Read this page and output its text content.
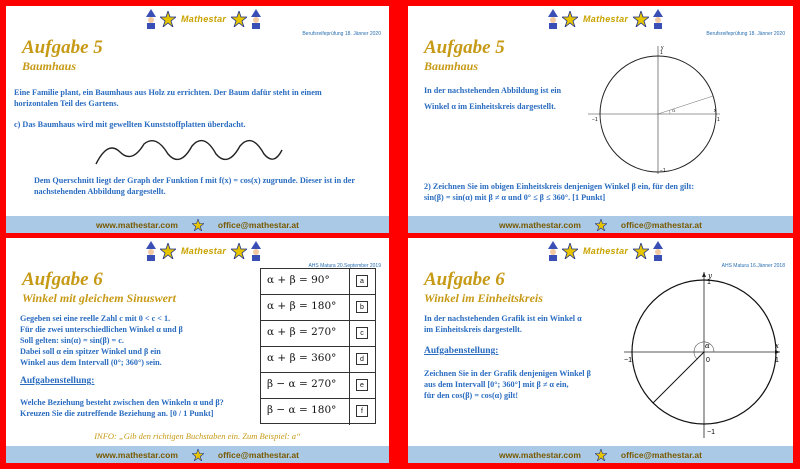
Mathestar
Berufsreifeprüfung 18. Jänner 2020
Aufgabe 5
Baumhaus
Eine Familie plant, ein Baumhaus aus Holz zu errichten. Der Baum dafür steht in einem
horizontalen Teil des Gartens.
c) Das Baumhaus wird mit gewellten Kunststoffplatten überdacht.
Dem Querschnitt liegt der Graph der Funktion f mit f(x) = cos(x) zugrunde. Dieser ist in der
nachstehenden Abbildung dargestellt.
www.mathestar.com	office@mathestar.at
Mathestar
Berufsreifeprüfung 18. Jänner 2020
Aufgabe 5
Baumhaus
In der nachstehenden Abbildung ist ein
Winkel α im Einheitskreis dargestellt.	x
y
1
−1
1
−1
α
2) Zeichnen Sie im obigen Einheitskreis denjenigen Winkel β ein, für den gilt:
sin(β) = sin(α) mit β ≠ α und 0° ≤ β ≤ 360°. [1 Punkt]
www.mathestar.com	office@mathestar.at
Mathestar
AHS Matura 20.September 2019
Aufgabe 6
Winkel mit gleichem Sinuswert
Gegeben sei eine reelle Zahl c mit 0 < c < 1.
Für die zwei unterschiedlichen Winkel α und β
Soll gelten: sin(α) = sin(β) = c.
Dabei soll α ein spitzer Winkel und β ein
Winkel aus dem Intervall (0°; 360°) sein.
Aufgabenstellung:
Welche Beziehung besteht zwischen den Winkeln α und β?
Kreuzen Sie die zutreffende Beziehung an. [0 / 1 Punkt]
α + β = 90°	a
α + β = 180°	b
α + β = 270°	c
α + β = 360°	d
β − α = 270°	e
β − α = 180°	f
INFO: „Gib den richtigen Buchstaben ein. Zum Beispiel: a“
www.mathestar.com	office@mathestar.at
Mathestar
AHS Matura 16.Jänner 2018
Aufgabe 6
Winkel im Einheitskreis
In der nachstehenden Grafik ist ein Winkel α
im Einheitskreis dargestellt.
Aufgabenstellung:
Zeichnen Sie in der Grafik denjenigen Winkel β
aus dem Intervall [0°; 360°] mit β ≠ α ein,
für den cos(β) = cos(α) gilt!
x
y
1
−1
1
−1
0
α
www.mathestar.com	office@mathestar.at
